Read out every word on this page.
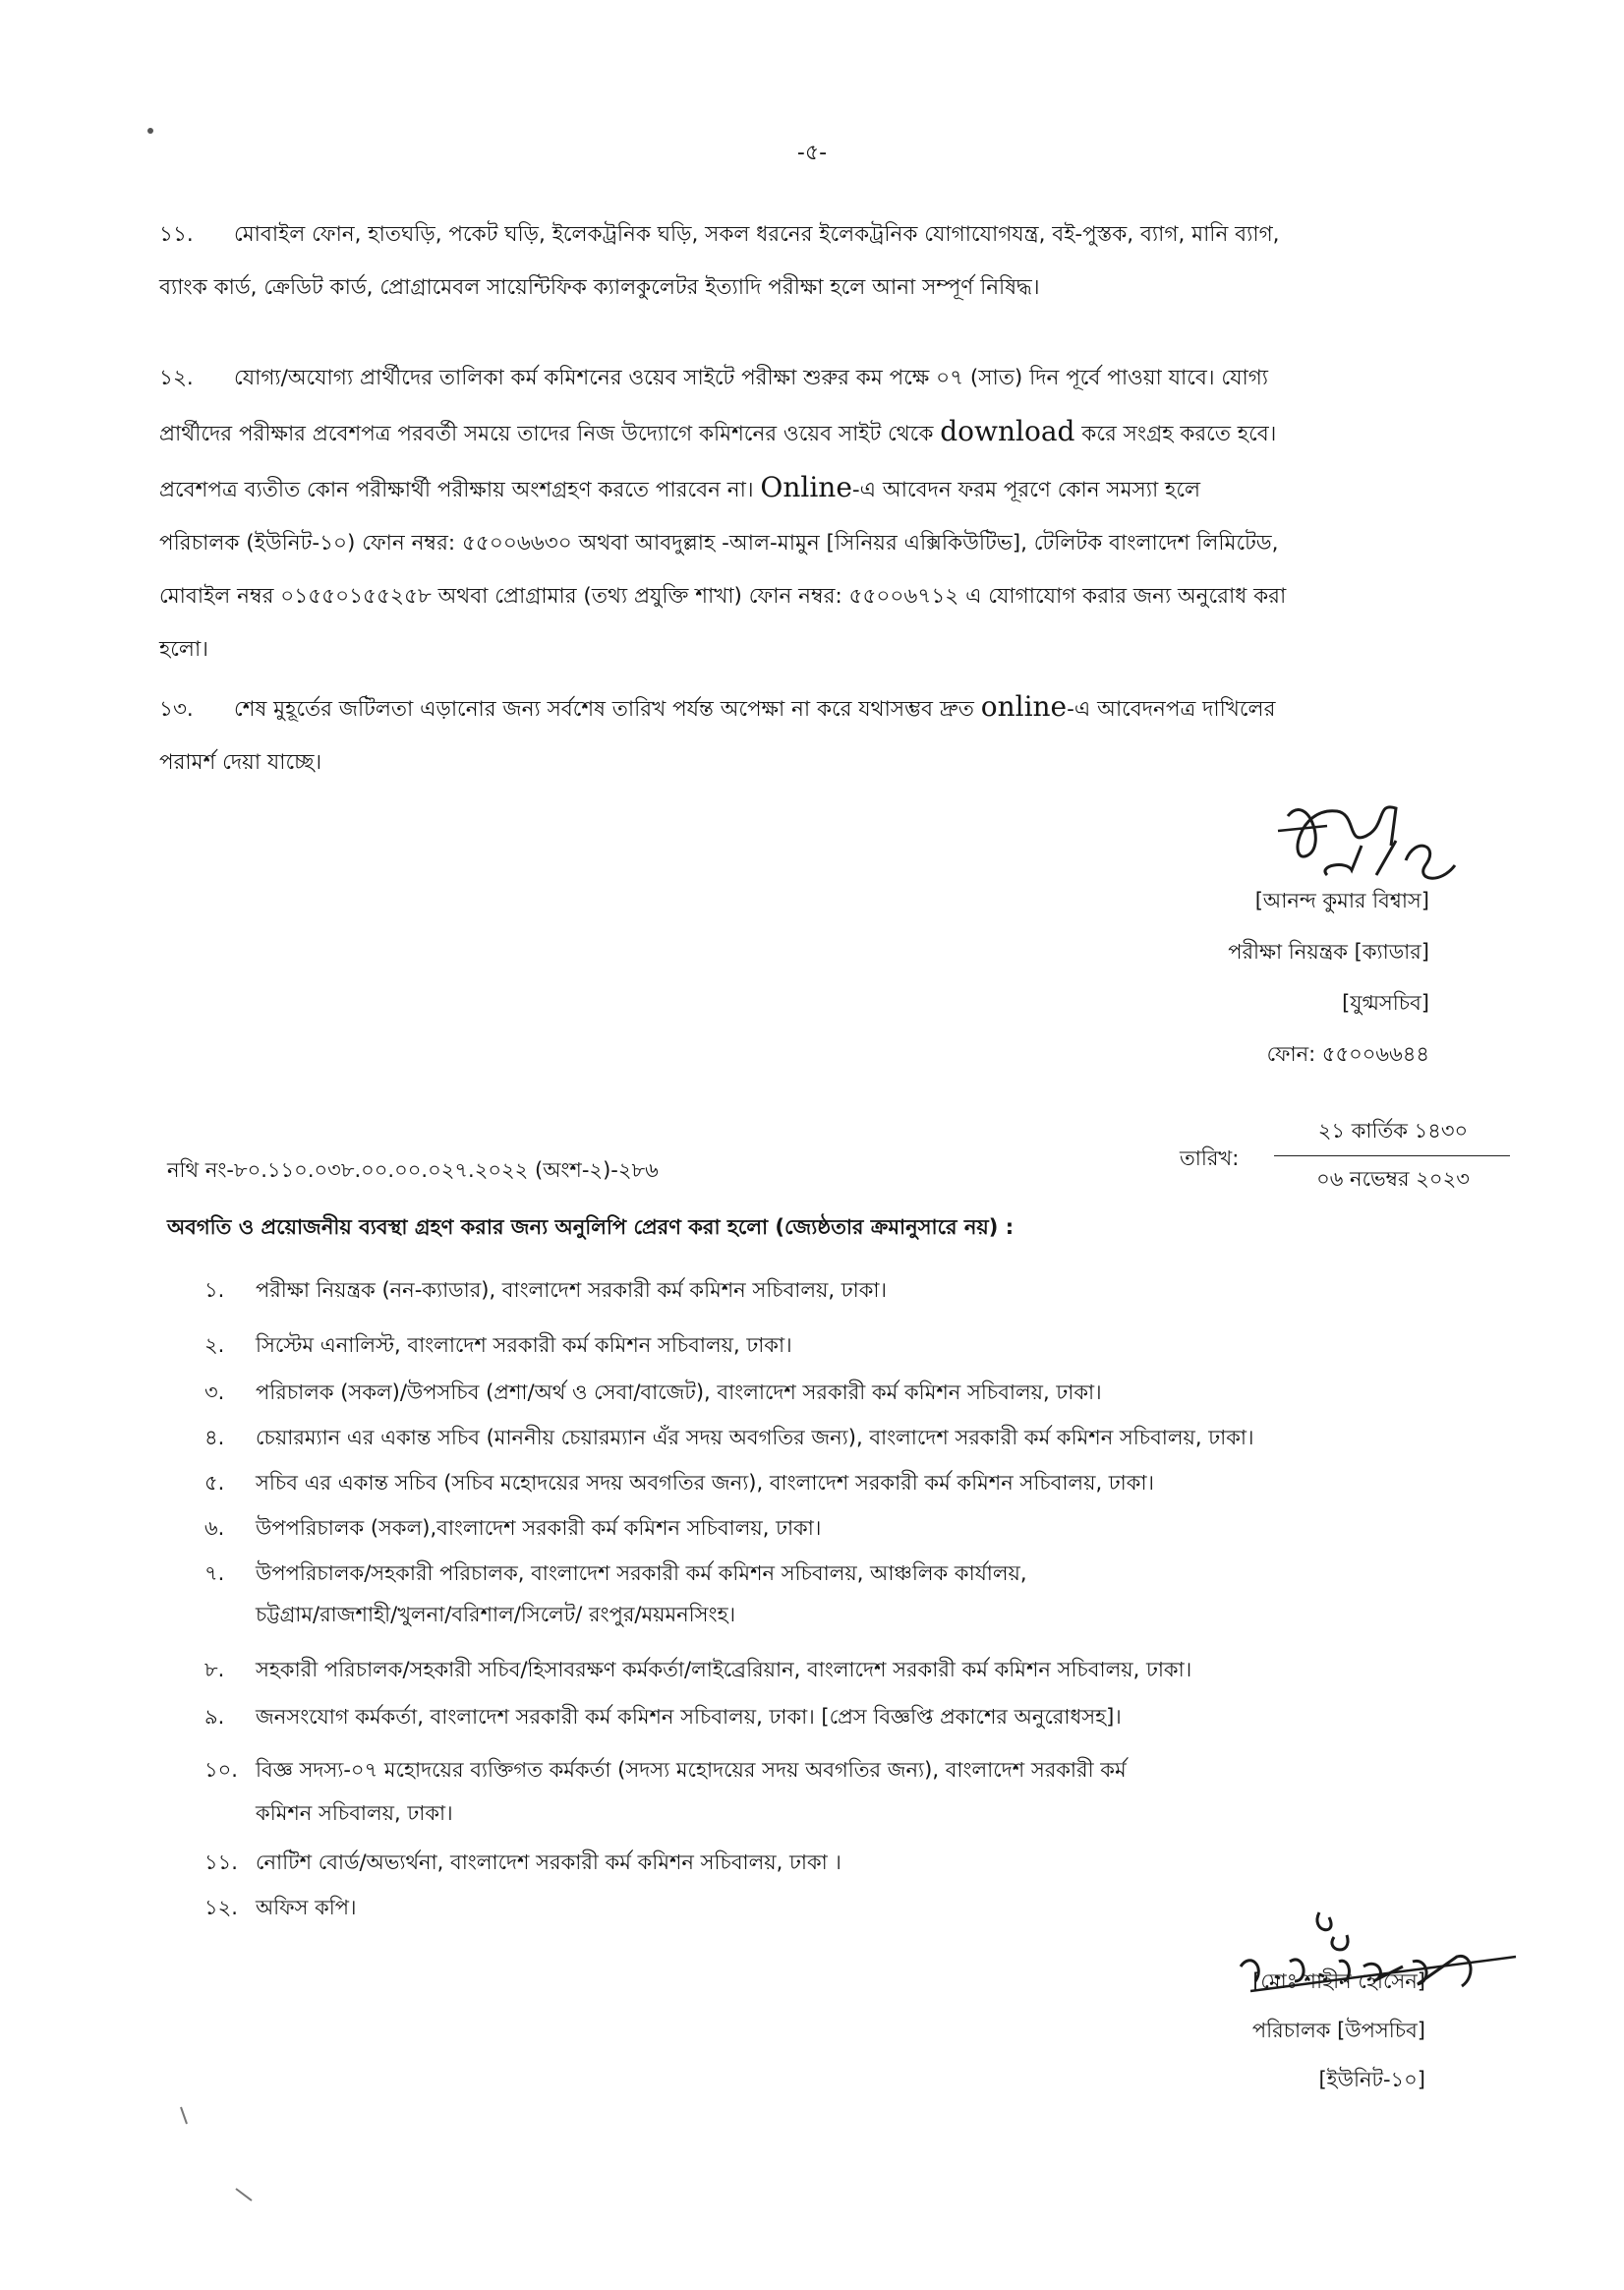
-৫-
১১. মোবাইল ফোন, হাতঘড়ি, পকেট ঘড়ি, ইলেকট্রনিক ঘড়ি, সকল ধরনের ইলেকট্রনিক যোগাযোগযন্ত্র, বই-পুস্তক, ব্যাগ, মানি ব্যাগ,
ব্যাংক কার্ড, ক্রেডিট কার্ড, প্রোগ্রামেবল সায়েন্টিফিক ক্যালকুলেটর ইত্যাদি পরীক্ষা হলে আনা সম্পূর্ণ নিষিদ্ধ।
১২. যোগ্য/অযোগ্য প্রার্থীদের তালিকা কর্ম কমিশনের ওয়েব সাইটে পরীক্ষা শুরুর কম পক্ষে ০৭ (সাত) দিন পূর্বে পাওয়া যাবে। যোগ্য
প্রার্থীদের পরীক্ষার প্রবেশপত্র পরবর্তী সময়ে তাদের নিজ উদ্যোগে কমিশনের ওয়েব সাইট থেকে download করে সংগ্রহ করতে হবে।
প্রবেশপত্র ব্যতীত কোন পরীক্ষার্থী পরীক্ষায় অংশগ্রহণ করতে পারবেন না। Online-এ আবেদন ফরম পূরণে কোন সমস্যা হলে
পরিচালক (ইউনিট-১০) ফোন নম্বর: ৫৫০০৬৬৩০ অথবা আবদুল্লাহ -আল-মামুন [সিনিয়র এক্সিকিউটিভ], টেলিটক বাংলাদেশ লিমিটেড,
মোবাইল নম্বর ০১৫৫০১৫৫২৫৮ অথবা প্রোগ্রামার (তথ্য প্রযুক্তি শাখা) ফোন নম্বর: ৫৫০০৬৭১২ এ যোগাযোগ করার জন্য অনুরোধ করা
হলো।
১৩. শেষ মুহূর্তের জটিলতা এড়ানোর জন্য সর্বশেষ তারিখ পর্যন্ত অপেক্ষা না করে যথাসম্ভব দ্রুত online-এ আবেদনপত্র দাখিলের
পরামর্শ দেয়া যাচ্ছে।
[আনন্দ কুমার বিশ্বাস]
পরীক্ষা নিয়ন্ত্রক [ক্যাডার]
[যুগ্মসচিব]
ফোন: ৫৫০০৬৬৪৪
নথি নং-৮০.১১০.০৩৮.০০.০০.০২৭.২০২২ (অংশ-২)-২৮৬	তারিখ:
২১ কার্তিক ১৪৩০
০৬ নভেম্বর ২০২৩
অবগতি ও প্রয়োজনীয় ব্যবস্থা গ্রহণ করার জন্য অনুলিপি প্রেরণ করা হলো (জ্যেষ্ঠতার ক্রমানুসারে নয়) :
১.	পরীক্ষা নিয়ন্ত্রক (নন-ক্যাডার), বাংলাদেশ সরকারী কর্ম কমিশন সচিবালয়, ঢাকা।
২.	সিস্টেম এনালিস্ট, বাংলাদেশ সরকারী কর্ম কমিশন সচিবালয়, ঢাকা।
৩.	পরিচালক (সকল)/উপসচিব (প্রশা/অর্থ ও সেবা/বাজেট), বাংলাদেশ সরকারী কর্ম কমিশন সচিবালয়, ঢাকা।
৪.	চেয়ারম্যান এর একান্ত সচিব (মাননীয় চেয়ারম্যান এঁর সদয় অবগতির জন্য), বাংলাদেশ সরকারী কর্ম কমিশন সচিবালয়, ঢাকা।
৫.	সচিব এর একান্ত সচিব (সচিব মহোদয়ের সদয় অবগতির জন্য), বাংলাদেশ সরকারী কর্ম কমিশন সচিবালয়, ঢাকা।
৬.	উপপরিচালক (সকল),বাংলাদেশ সরকারী কর্ম কমিশন সচিবালয়, ঢাকা।
৭.	উপপরিচালক/সহকারী পরিচালক, বাংলাদেশ সরকারী কর্ম কমিশন সচিবালয়, আঞ্চলিক কার্যালয়,
চট্টগ্রাম/রাজশাহী/খুলনা/বরিশাল/সিলেট/ রংপুর/ময়মনসিংহ।
৮.	সহকারী পরিচালক/সহকারী সচিব/হিসাবরক্ষণ কর্মকর্তা/লাইব্রেরিয়ান, বাংলাদেশ সরকারী কর্ম কমিশন সচিবালয়, ঢাকা।
৯.	জনসংযোগ কর্মকর্তা, বাংলাদেশ সরকারী কর্ম কমিশন সচিবালয়, ঢাকা। [প্রেস বিজ্ঞপ্তি প্রকাশের অনুরোধসহ]।
১০. বিজ্ঞ সদস্য-০৭ মহোদয়ের ব্যক্তিগত কর্মকর্তা (সদস্য মহোদয়ের সদয় অবগতির জন্য), বাংলাদেশ সরকারী কর্ম
কমিশন সচিবালয়, ঢাকা।
১১. নোটিশ বোর্ড/অভ্যর্থনা, বাংলাদেশ সরকারী কর্ম কমিশন সচিবালয়, ঢাকা ।
১২. অফিস কপি।
[মোঃ শাহীন হোসেন]
পরিচালক [উপসচিব]
[ইউনিট-১০]
